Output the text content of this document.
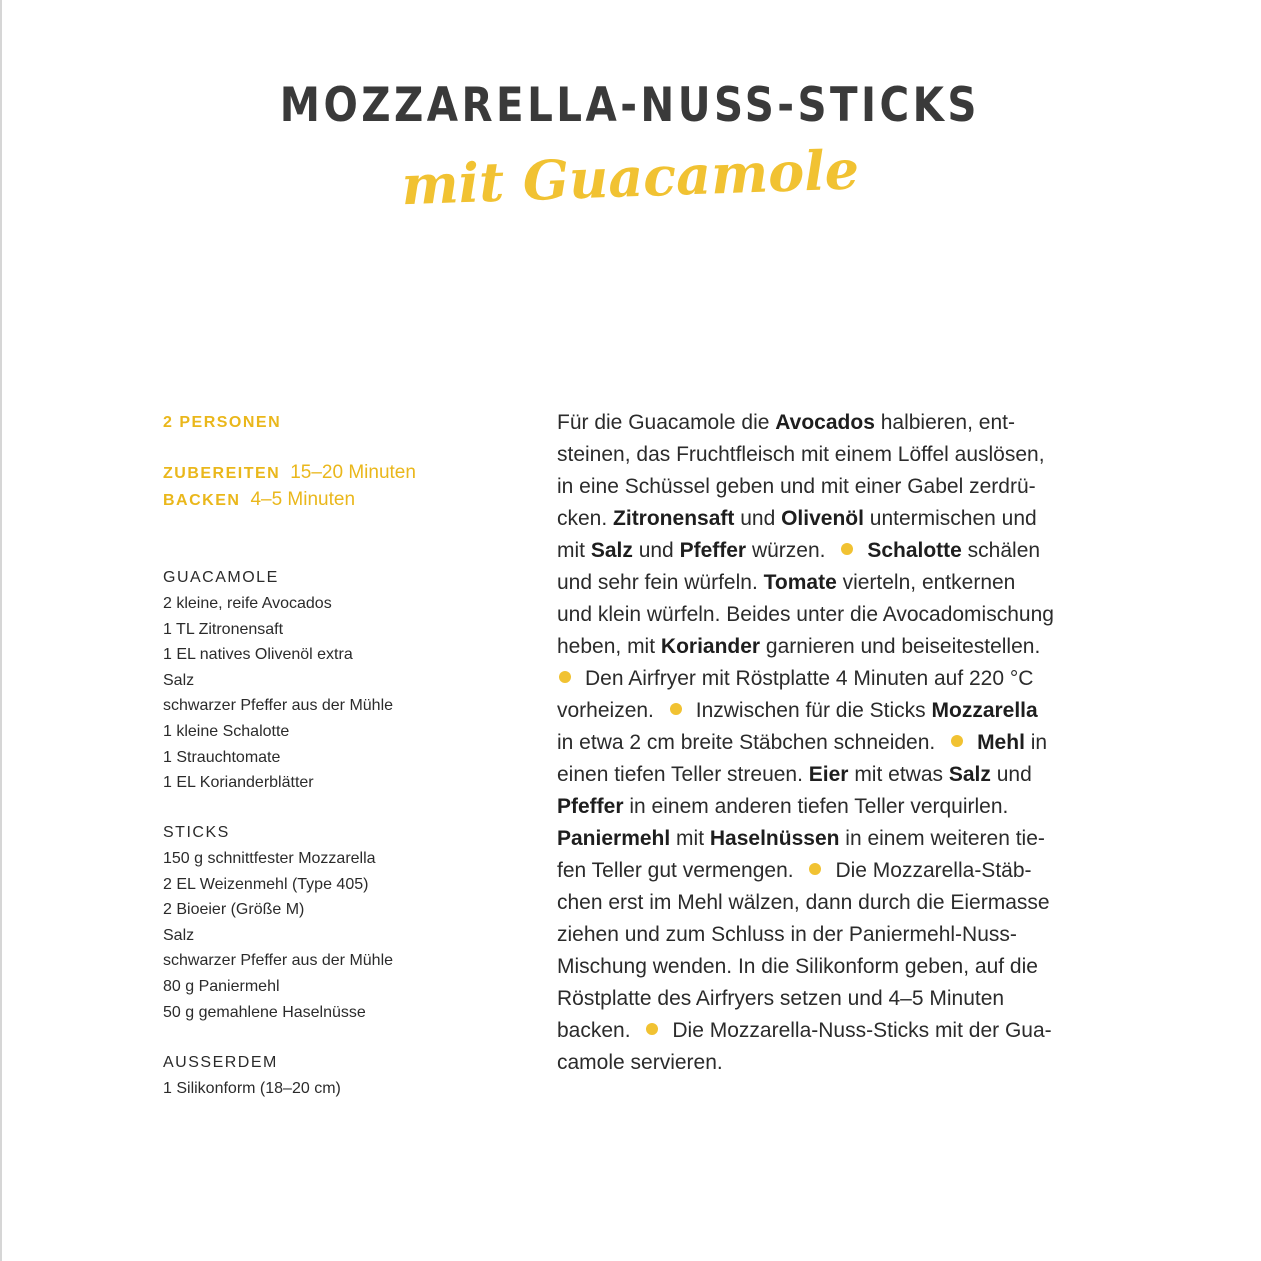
MOZZARELLA-NUSS-STICKS
mit Guacamole
2 PERSONEN
ZUBEREITEN 15–20 Minuten
BACKEN 4–5 Minuten
GUACAMOLE
2 kleine, reife Avocados
1 TL Zitronensaft
1 EL natives Olivenöl extra
Salz
schwarzer Pfeffer aus der Mühle
1 kleine Schalotte
1 Strauchtomate
1 EL Korianderblätter
STICKS
150 g schnittfester Mozzarella
2 EL Weizenmehl (Type 405)
2 Bioeier (Größe M)
Salz
schwarzer Pfeffer aus der Mühle
80 g Paniermehl
50 g gemahlene Haselnüsse
AUSSERDEM
1 Silikonform (18–20 cm)
Für die Guacamole die Avocados halbieren, ent-
steinen, das Fruchtfleisch mit einem Löffel auslösen,
in eine Schüssel geben und mit einer Gabel zerdrü-
cken. Zitronensaft und Olivenöl untermischen und
mit Salz und Pfeffer würzen. Schalotte schälen
und sehr fein würfeln. Tomate vierteln, entkernen
und klein würfeln. Beides unter die Avocadomischung
heben, mit Koriander garnieren und beiseitestellen.
Den Airfryer mit Röstplatte 4 Minuten auf 220 °C
vorheizen. Inzwischen für die Sticks Mozzarella
in etwa 2 cm breite Stäbchen schneiden. Mehl in
einen tiefen Teller streuen. Eier mit etwas Salz und
Pfeffer in einem anderen tiefen Teller verquirlen.
Paniermehl mit Haselnüssen in einem weiteren tie-
fen Teller gut vermengen. Die Mozzarella-Stäb-
chen erst im Mehl wälzen, dann durch die Eiermasse
ziehen und zum Schluss in der Paniermehl-Nuss-
Mischung wenden. In die Silikonform geben, auf die
Röstplatte des Airfryers setzen und 4–5 Minuten
backen. Die Mozzarella-Nuss-Sticks mit der Gua-
camole servieren.
